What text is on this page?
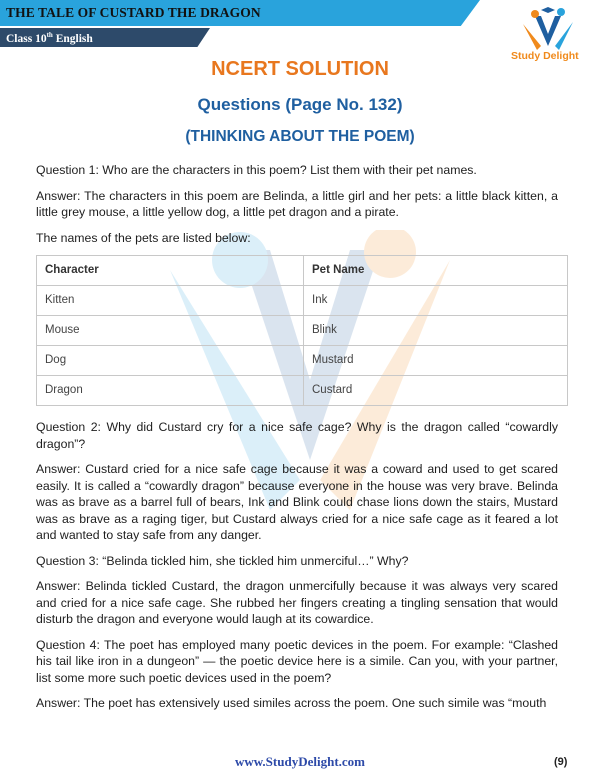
THE TALE OF CUSTARD THE DRAGON
Class 10th English
Study Delight
NCERT SOLUTION
Questions (Page No. 132)
(THINKING ABOUT THE POEM)

Question 1: Who are the characters in this poem? List them with their pet names.

Answer: The characters in this poem are Belinda, a little girl and her pets: a little black kitten, a little grey mouse, a little yellow dog, a little pet dragon and a pirate.

The names of the pets are listed below:

Character	Pet Name
Kitten	Ink
Mouse	Blink
Dog	Mustard
Dragon	Custard

Question 2: Why did Custard cry for a nice safe cage? Why is the dragon called “cowardly dragon”?

Answer: Custard cried for a nice safe cage because it was a coward and used to get scared easily. It is called a “cowardly dragon” because everyone in the house was very brave. Belinda was as brave as a barrel full of bears, Ink and Blink could chase lions down the stairs, Mustard was as brave as a raging tiger, but Custard always cried for a nice safe cage as it feared a lot and wanted to stay safe from any danger.

Question 3: “Belinda tickled him, she tickled him unmerciful…” Why?

Answer: Belinda tickled Custard, the dragon unmercifully because it was always very scared and cried for a nice safe cage. She rubbed her fingers creating a tingling sensation that would disturb the dragon and everyone would laugh at its cowardice.

Question 4: The poet has employed many poetic devices in the poem. For example: “Clashed his tail like iron in a dungeon” — the poetic device here is a simile. Can you, with your partner, list some more such poetic devices used in the poem?

Answer: The poet has extensively used similes across the poem. One such simile was “mouth

www.StudyDelight.com	(9)
